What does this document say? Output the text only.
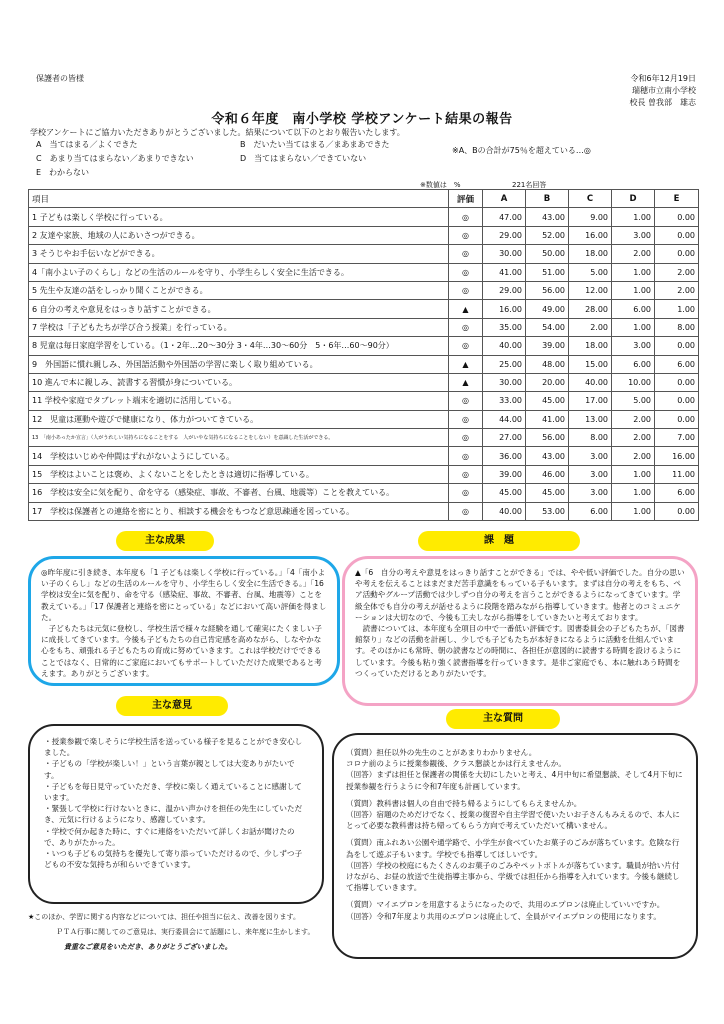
保護者の皆様	令和6年12月19日
瑞穂市立南小学校
校長 曽我部　雄志
令和６年度　南小学校 学校アンケート結果の報告
学校アンケートにご協力いただきありがとうございました。結果について以下のとおり報告いたします。
A　当てはまる／よくできた	B　だいたい当てはまる／まあまあできた
C　あまり当てはまらない／あまりできない	D　当てはまらない／できていない
E　わからない
※A、Bの合計が75％を超えている…◎
※数値は　%	221名回答
項目	評価	A	B	C	D	E
1 子どもは楽しく学校に行っている。	◎	47.00	43.00	9.00	1.00	0.00
2 友達や家族、地域の人にあいさつができる。	◎	29.00	52.00	16.00	3.00	0.00
3 そうじやお手伝いなどができる。	◎	30.00	50.00	18.00	2.00	0.00
4「南小よい子のくらし」などの生活のルールを守り、小学生らしく安全に生活できる。	◎	41.00	51.00	5.00	1.00	2.00
5 先生や友達の話をしっかり聞くことができる。	◎	29.00	56.00	12.00	1.00	2.00
6 自分の考えや意見をはっきり話すことができる。	▲	16.00	49.00	28.00	6.00	1.00
7 学校は「子どもたちが学び合う授業」を行っている。	◎	35.00	54.00	2.00	1.00	8.00
8 児童は毎日家庭学習をしている。（1・2年…20～30分 3・4年…30～60分　5・6年…60～90分）	◎	40.00	39.00	18.00	3.00	0.00
9　外国語に慣れ親しみ、外国語活動や外国語の学習に楽しく取り組めている。	▲	25.00	48.00	15.00	6.00	6.00
10 進んで本に親しみ、読書する習慣が身についている。	▲	30.00	20.00	40.00	10.00	0.00
11 学校や家庭でタブレット端末を適切に活用している。	◎	33.00	45.00	17.00	5.00	0.00
12　児童は運動や遊びで健康になり、体力がついてきている。	◎	44.00	41.00	13.00	2.00	0.00
13　「南小あったか宣言」（人がうれしい気持ちになることをする　人がいやな気持ちになることをしない）を意識した生活ができる。	◎	27.00	56.00	8.00	2.00	7.00
14　学校はいじめや仲間はずれがないようにしている。	◎	36.00	43.00	3.00	2.00	16.00
15　学校はよいことは褒め、よくないことをしたときは適切に指導している。	◎	39.00	46.00	3.00	1.00	11.00
16　学校は安全に気を配り、命を守る（感染症、事故、不審者、台風、地震等）ことを教えている。	◎	45.00	45.00	3.00	1.00	6.00
17　学校は保護者との連絡を密にとり、相談する機会をもつなど意思疎通を図っている。	◎	40.00	53.00	6.00	1.00	0.00
主な成果	課　題

◎昨年度に引き続き、本年度も「1 子どもは楽しく学校に行っている。」「4「南小よい子のくらし」などの生活のルールを守り、小学生らしく安全に生活できる。」「16 学校は安全に気を配り、命を守る（感染症、事故、不審者、台風、地震等）ことを教えている。」「17 保護者と連絡を密にとっている」などにおいて高い評価を得ました。
　子どもたちは元気に登校し、学校生活で様々な経験を通して確実にたくましい子に成長してきています。今後も子どもたちの自己肯定感を高めながら、しなやかな心をもち、頑張れる子どもたちの育成に努めていきます。これは学校だけでできることではなく、日常的にご家庭においてもサポートしていただけた成果であると考えます。ありがとうございます。

▲「6　自分の考えや意見をはっきり話すことができる」では、やや低い評価でした。自分の思いや考えを伝えることはまだまだ苦手意識をもっている子もいます。まずは自分の考えをもち、ペア活動やグループ活動では少しずつ自分の考えを言うことができるようになってきています。学級全体でも自分の考えが話せるように段階を踏みながら指導していきます。他者とのコミュニケーションは大切なので、今後も工夫しながら指導をしていきたいと考えております。
　読書については、本年度も全項目の中で一番低い評価です。図書委員会の子どもたちが、「図書館祭り」などの活動を計画し、少しでも子どもたちが本好きになるように活動を仕組んでいます。そのほかにも常時、朝の読書などの時間に、各担任が意図的に読書する時間を設けるようにしています。今後も粘り強く読書指導を行っていきます。是非ご家庭でも、本に触れあう時間をつくっていただけるとありがたいです。

主な意見
主な質問
・授業参観で楽しそうに学校生活を送っている様子を見ることができ安心しました。
・子どもの「学校が楽しい！」という言葉が親としては大変ありがたいです。
・子どもを毎日見守っていただき、学校に楽しく通えていることに感謝しています。
・緊張して学校に行けないときに、温かい声かけを担任の先生にしていただき、元気に行けるようになり、感謝しています。
・学校で何か起きた時に、すぐに連絡をいただいて詳しくお話が聞けたので、ありがたかった。
・いつも子どもの気持ちを優先して寄り添っていただけるので、少しずつ子どもの不安な気持ちが和らいできています。

（質問）担任以外の先生のことがあまりわかりません。
コロナ前のように授業参観後、クラス懇談とかは行えませんか。
（回答）まずは担任と保護者の関係を大切にしたいと考え、4月中旬に希望懇談、そして4月下旬に授業参観を行うように令和7年度も計画しています。

（質問）教科書は個人の自由で持ち帰るようにしてもらえませんか。
（回答）宿題のためだけでなく、授業の復習や自主学習で使いたいお子さんもみえるので、本人にとって必要な教科書は持ち帰ってもらう方向で考えていただいて構いません。

（質問）南ふれあい公園や通学路で、小学生が食べていたお菓子のごみが落ちています。危険な行為をして遊ぶ子もいます。学校でも指導してほしいです。
（回答）学校の校庭にもたくさんのお菓子のごみやペットボトルが落ちています。職員が拾い片付けながら、お昼の放送で生徒指導主事から、学級では担任から指導を入れています。今後も継続して指導していきます。

（質問）マイエプロンを用意するようになったので、共用のエプロンは廃止していいですか。
（回答）令和7年度より共用のエプロンは廃止して、全員がマイエプロンの使用になります。

★このほか、学習に関する内容などについては、担任や担当に伝え、改善を図ります。
ＰＴＡ行事に関してのご意見は、実行委員会にて話題にし、来年度に生かします。
貴重なご意見をいただき、ありがとうございました。
